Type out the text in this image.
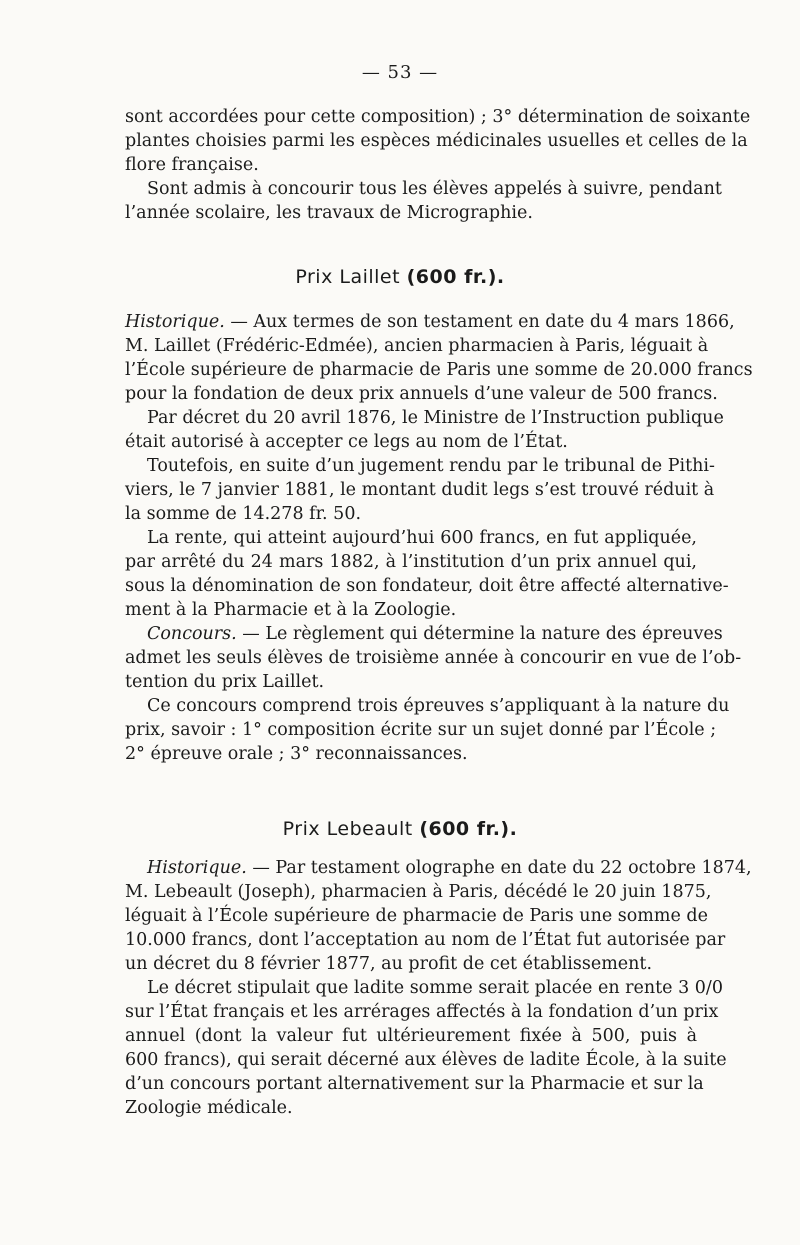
— 53 —
sont accordées pour cette composition) ; 3° détermination de soixante
plantes choisies parmi les espèces médicinales usuelles et celles de la
flore française.
Sont admis à concourir tous les élèves appelés à suivre, pendant
l’année scolaire, les travaux de Micrographie.
Prix Laillet (600 fr.).
Historique. — Aux termes de son testament en date du 4 mars 1866,
M. Laillet (Frédéric-Edmée), ancien pharmacien à Paris, léguait à
l’École supérieure de pharmacie de Paris une somme de 20.000 francs
pour la fondation de deux prix annuels d’une valeur de 500 francs.
Par décret du 20 avril 1876, le Ministre de l’Instruction publique
était autorisé à accepter ce legs au nom de l’État.
Toutefois, en suite d’un jugement rendu par le tribunal de Pithi-
viers, le 7 janvier 1881, le montant dudit legs s’est trouvé réduit à
la somme de 14.278 fr. 50.
La rente, qui atteint aujourd’hui 600 francs, en fut appliquée,
par arrêté du 24 mars 1882, à l’institution d’un prix annuel qui,
sous la dénomination de son fondateur, doit être affecté alternative-
ment à la Pharmacie et à la Zoologie.
Concours. — Le règlement qui détermine la nature des épreuves
admet les seuls élèves de troisième année à concourir en vue de l’ob-
tention du prix Laillet.
Ce concours comprend trois épreuves s’appliquant à la nature du
prix, savoir : 1° composition écrite sur un sujet donné par l’École ;
2° épreuve orale ; 3° reconnaissances.
Prix Lebeault (600 fr.).
Historique. — Par testament olographe en date du 22 octobre 1874,
M. Lebeault (Joseph), pharmacien à Paris, décédé le 20 juin 1875,
léguait à l’École supérieure de pharmacie de Paris une somme de
10.000 francs, dont l’acceptation au nom de l’État fut autorisée par
un décret du 8 février 1877, au profit de cet établissement.
Le décret stipulait que ladite somme serait placée en rente 3 0/0
sur l’État français et les arrérages affectés à la fondation d’un prix
annuel (dont la valeur fut ultérieurement fixée à 500, puis à
600 francs), qui serait décerné aux élèves de ladite École, à la suite
d’un concours portant alternativement sur la Pharmacie et sur la
Zoologie médicale.
